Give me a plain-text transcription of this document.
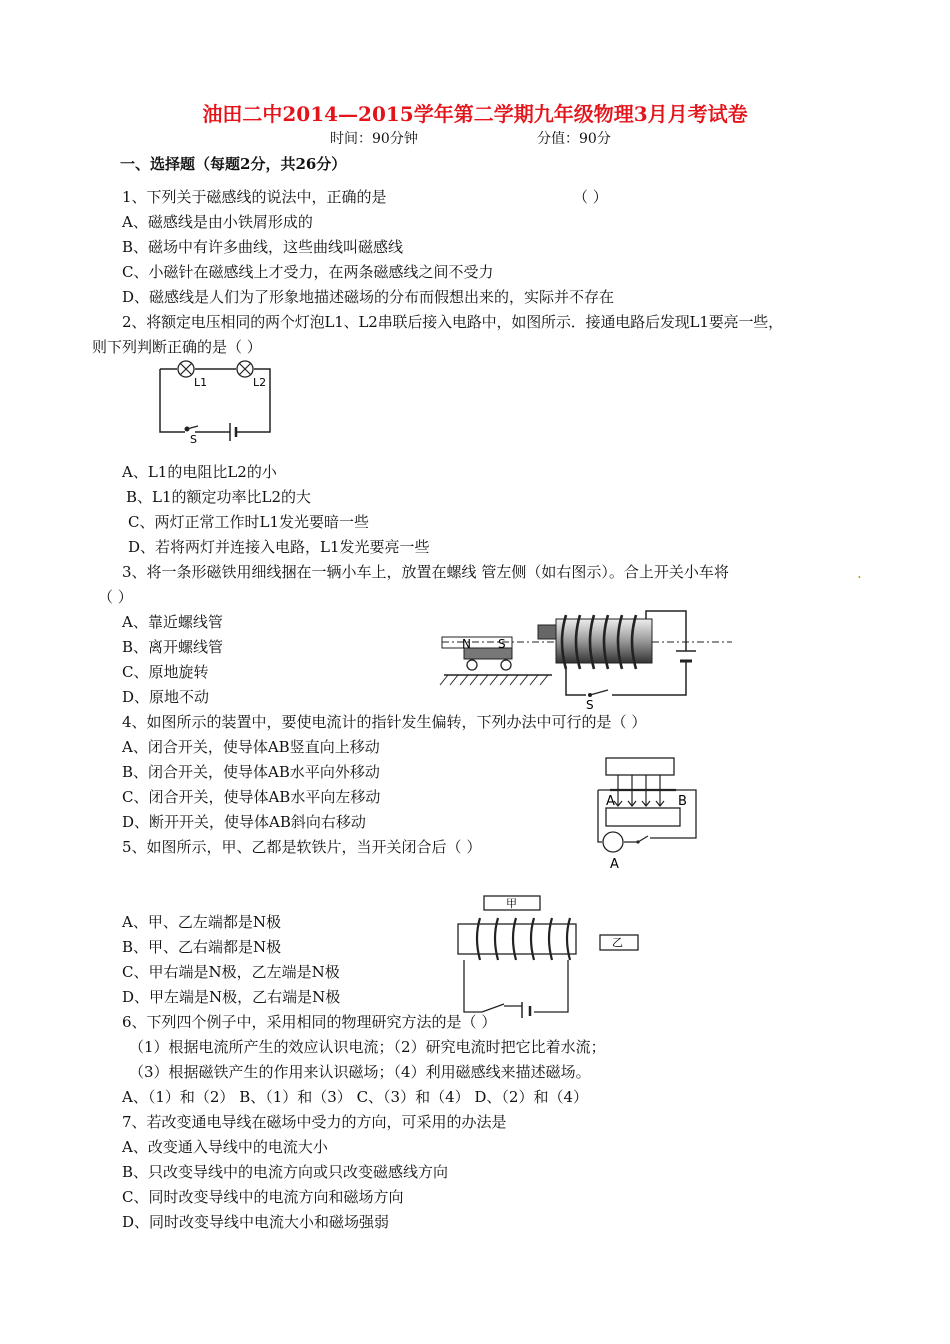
油田二中2014—2015学年第二学期九年级物理3月月考试卷
时间：90分钟	分值：90分
一、选择题（每题2分，共26分）
1、下列关于磁感线的说法中，正确的是	（ ）
A、磁感线是由小铁屑形成的
B、磁场中有许多曲线，这些曲线叫磁感线
C、小磁针在磁感线上才受力，在两条磁感线之间不受力
D、磁感线是人们为了形象地描述磁场的分布而假想出来的，实际并不存在
2、将额定电压相同的两个灯泡L1、L2串联后接入电路中，如图所示．接通电路后发现L1要亮一些，
则下列判断正确的是（ ）
L1	L2
S
A、L1的电阻比L2的小
B、L1的额定功率比L2的大
C、两灯正常工作时L1发光要暗一些
D、若将两灯并连接入电路，L1发光要亮一些
3、将一条形磁铁用细线捆在一辆小车上，放置在螺线 管左侧（如右图示）。合上开关小车将	.
（ ）
A、靠近螺线管
B、离开螺线管
C、原地旋转
D、原地不动
N S
S
4、如图所示的装置中，要使电流计的指针发生偏转，下列办法中可行的是（ ）
A、闭合开关，使导体AB竖直向上移动
B、闭合开关，使导体AB水平向外移动
C、闭合开关，使导体AB水平向左移动
D、断开开关，使导体AB斜向右移动
A	B
A
5、如图所示，甲、乙都是软铁片，当开关闭合后（ ）
A、甲、乙左端都是N极
B、甲、乙右端都是N极
C、甲右端是N极，乙左端是N极
D、甲左端是N极，乙右端是N极
甲
乙
6、下列四个例子中，采用相同的物理研究方法的是（ ）
（1）根据电流所产生的效应认识电流；（2）研究电流时把它比着水流；
（3）根据磁铁产生的作用来认识磁场；（4）利用磁感线来描述磁场。
A、（1）和（2） B、（1）和（3） C、（3）和（4） D、（2）和（4）
7、若改变通电导线在磁场中受力的方向，可采用的办法是
A、改变通入导线中的电流大小
B、只改变导线中的电流方向或只改变磁感线方向
C、同时改变导线中的电流方向和磁场方向
D、同时改变导线中电流大小和磁场强弱
